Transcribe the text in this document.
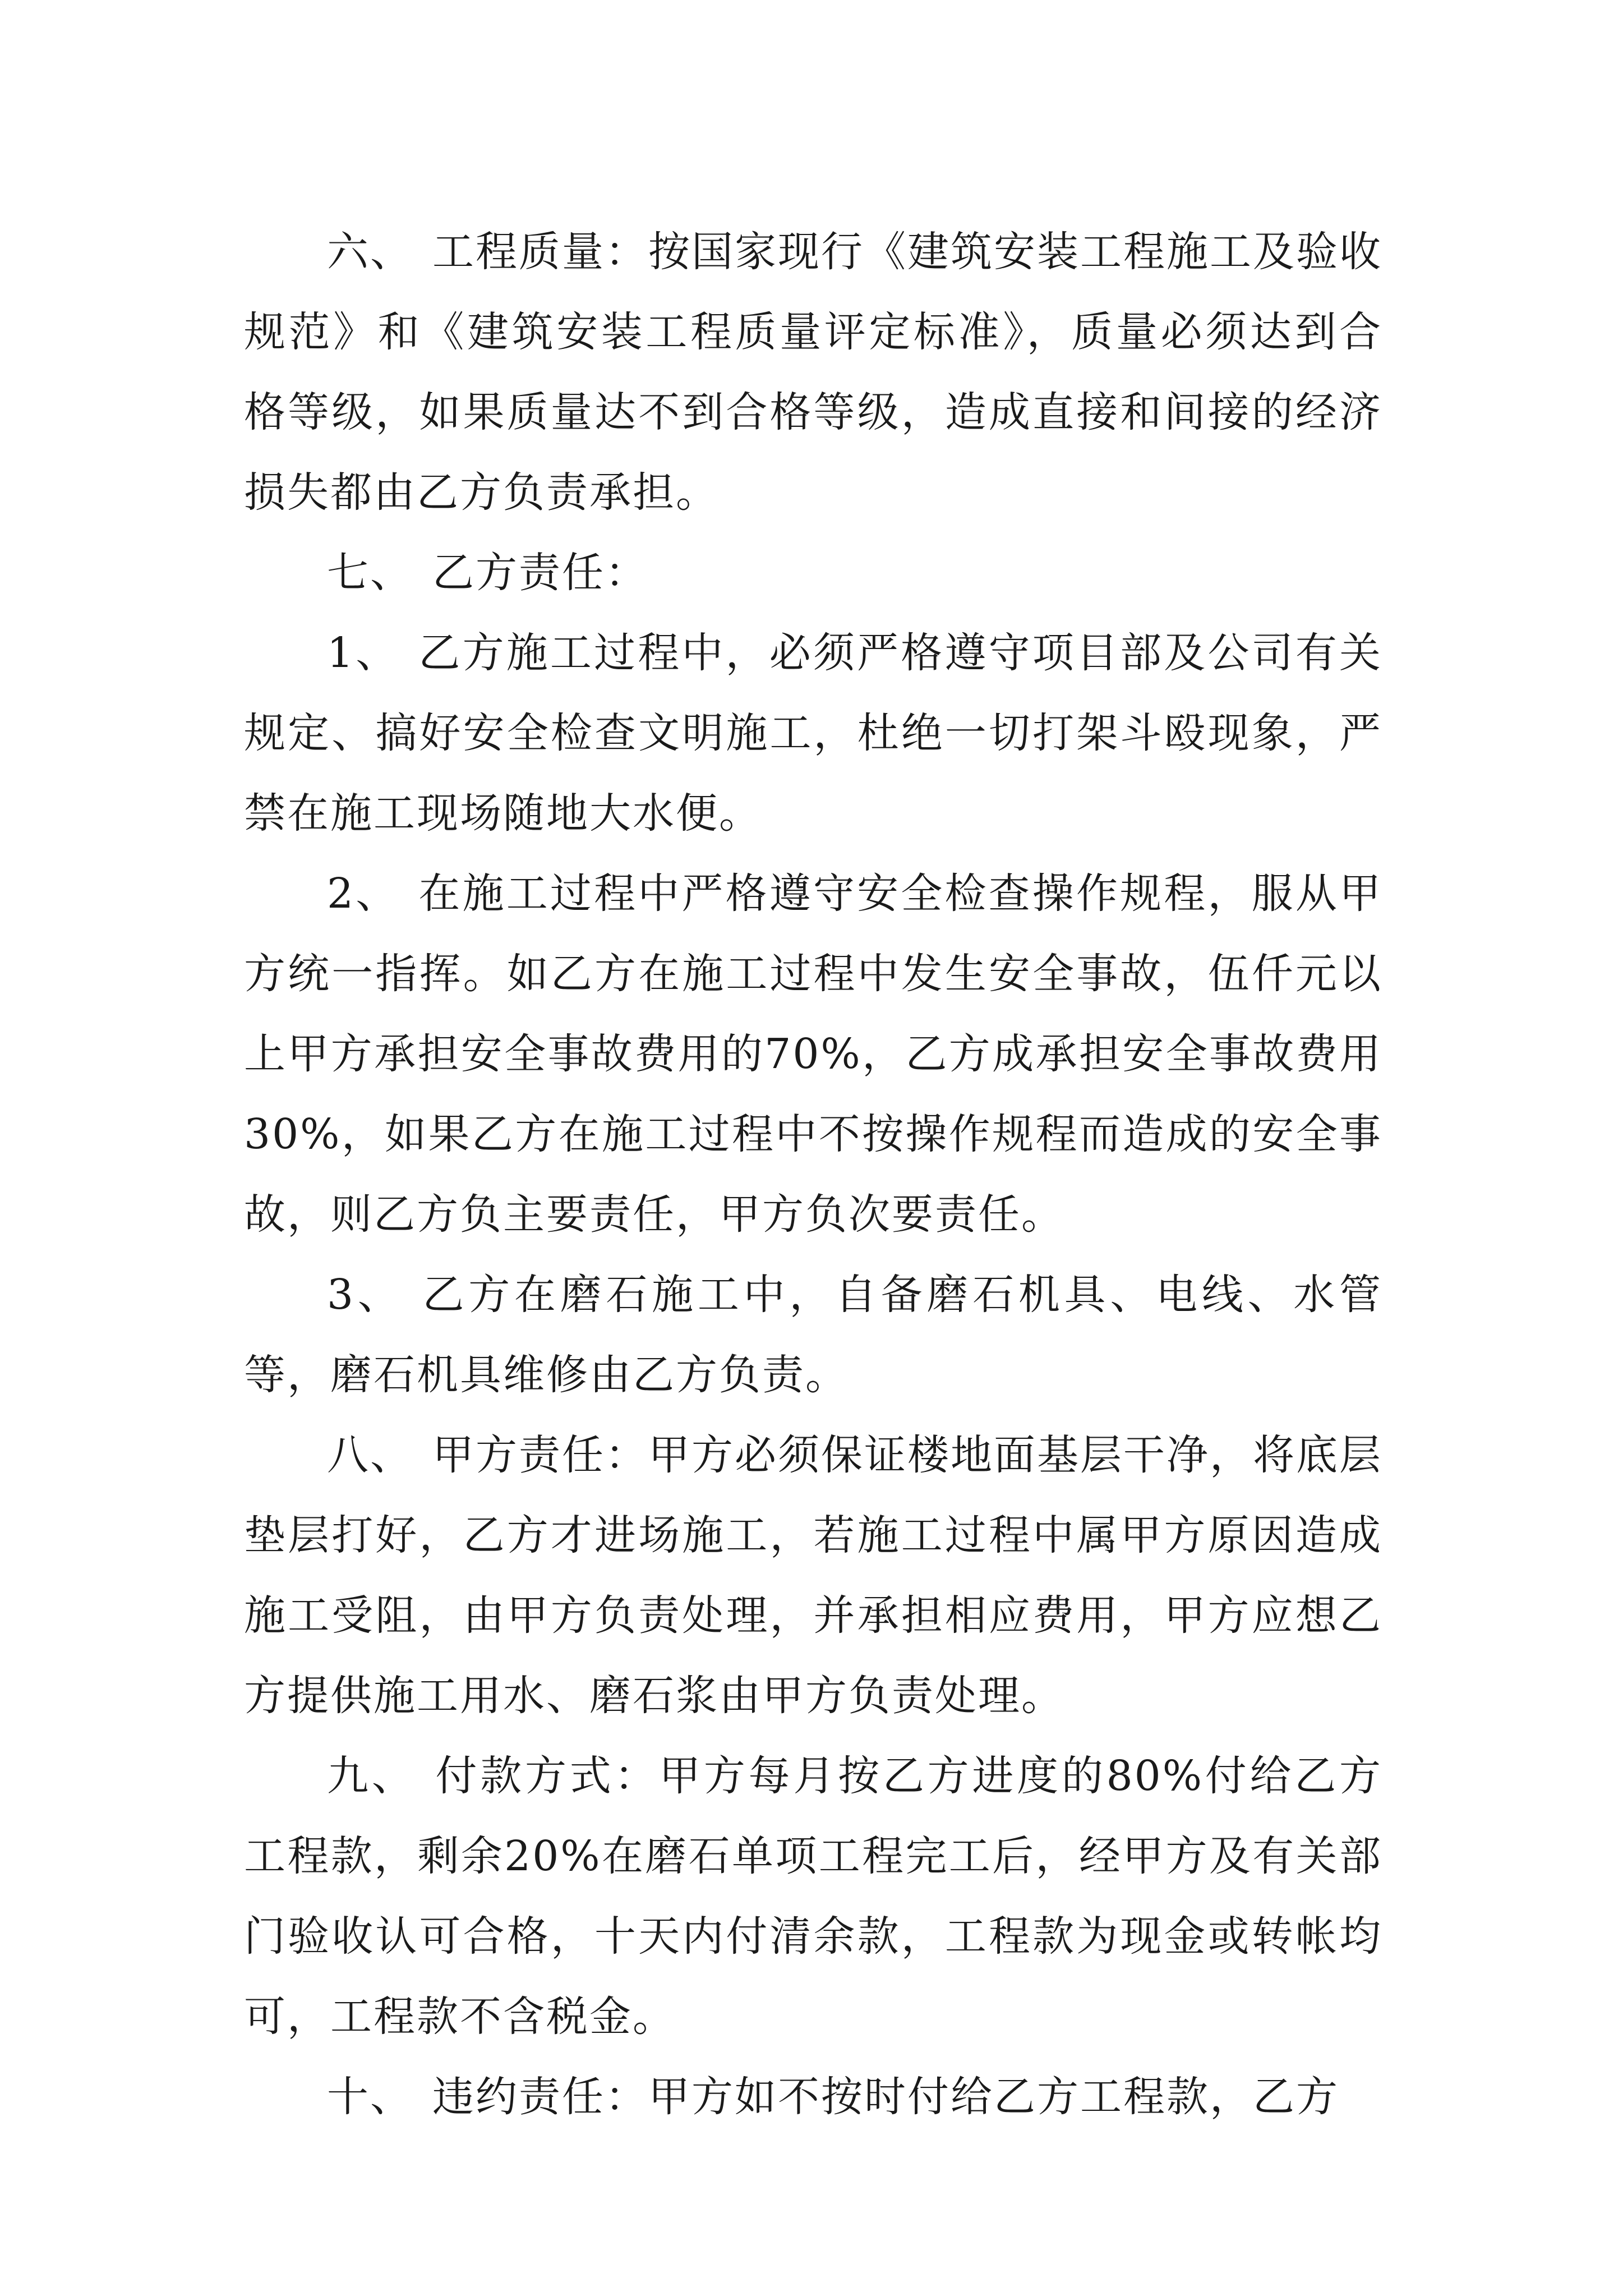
六、 工程质量：按国家现行《建筑安装工程施工及验收规范》和《建筑安装工程质量评定标准》，质量必须达到合格等级，如果质量达不到合格等级，造成直接和间接的经济损失都由乙方负责承担。

七、 乙方责任：

1、 乙方施工过程中，必须严格遵守项目部及公司有关规定、搞好安全检查文明施工，杜绝一切打架斗殴现象，严禁在施工现场随地大水便。

2、 在施工过程中严格遵守安全检查操作规程，服从甲方统一指挥。如乙方在施工过程中发生安全事故，伍仟元以上甲方承担安全事故费用的70%，乙方成承担安全事故费用30%，如果乙方在施工过程中不按操作规程而造成的安全事故，则乙方负主要责任，甲方负次要责任。

3、 乙方在磨石施工中，自备磨石机具、电线、水管等，磨石机具维修由乙方负责。

八、 甲方责任：甲方必须保证楼地面基层干净，将底层垫层打好，乙方才进场施工，若施工过程中属甲方原因造成施工受阻，由甲方负责处理，并承担相应费用，甲方应想乙方提供施工用水、磨石浆由甲方负责处理。

九、 付款方式：甲方每月按乙方进度的80%付给乙方工程款，剩余20%在磨石单项工程完工后，经甲方及有关部门验收认可合格，十天内付清余款，工程款为现金或转帐均可，工程款不含税金。

十、 违约责任：甲方如不按时付给乙方工程款，乙方
